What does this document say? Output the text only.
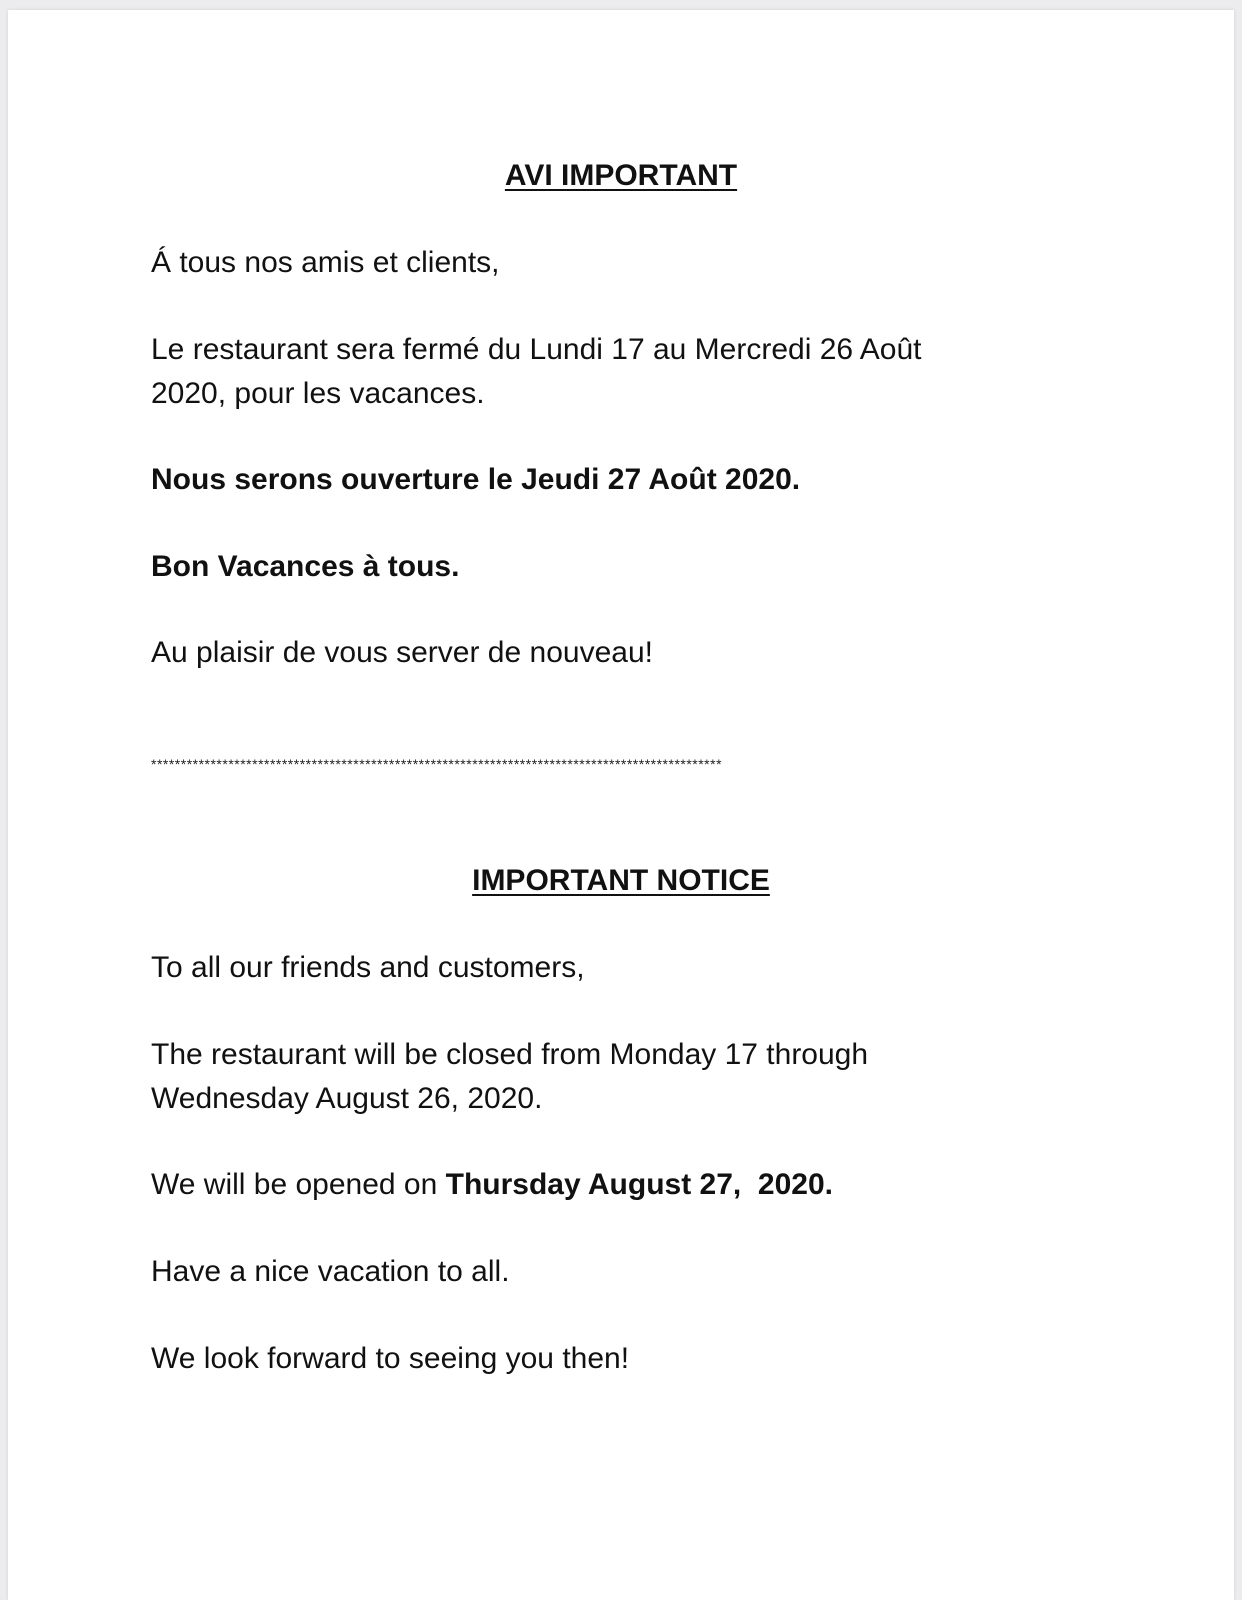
AVI IMPORTANT
Á tous nos amis et clients,
Le restaurant sera fermé du Lundi 17 au Mercredi 26 Août
2020, pour les vacances.
Nous serons ouverture le Jeudi 27 Août 2020.
Bon Vacances à tous.
Au plaisir de vous server de nouveau!
************************************************************************************************
IMPORTANT NOTICE
To all our friends and customers,
The restaurant will be closed from Monday 17 through
Wednesday August 26, 2020.
We will be opened on Thursday August 27,  2020.
Have a nice vacation to all.
We look forward to seeing you then!
